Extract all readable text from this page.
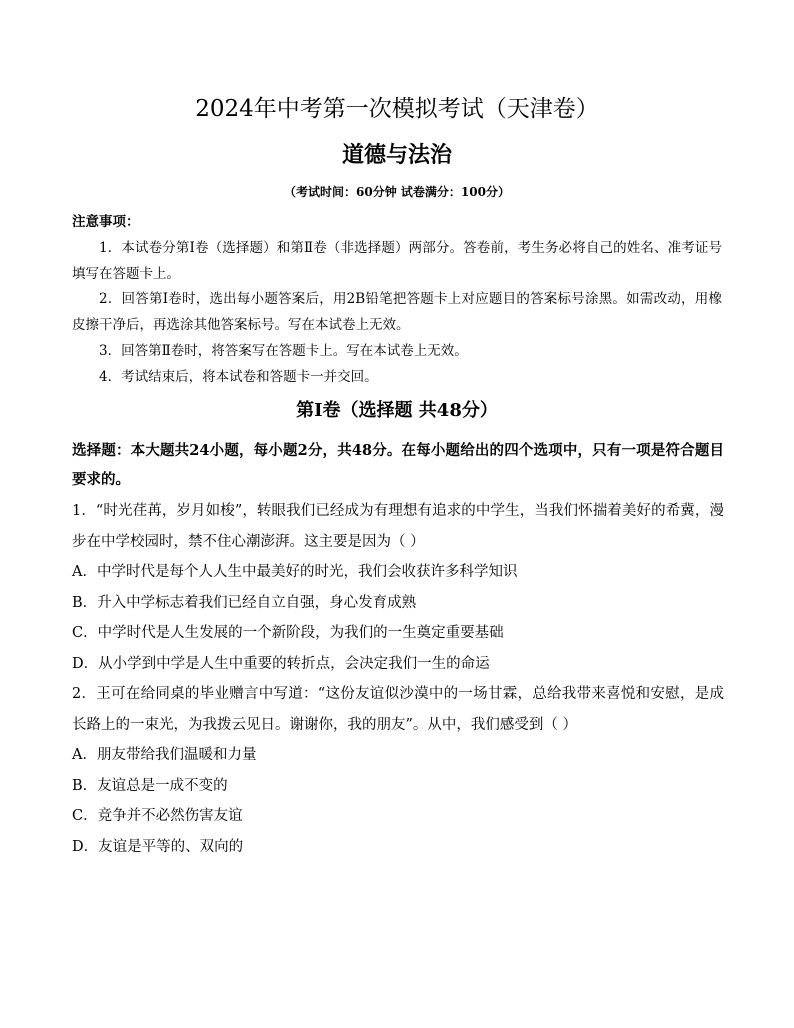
2024年中考第一次模拟考试（天津卷）
道德与法治
（考试时间：60分钟 试卷满分：100分）
注意事项：

1．本试卷分第Ⅰ卷（选择题）和第Ⅱ卷（非选择题）两部分。答卷前，考生务必将自己的姓名、准考证号填写在答题卡上。

2．回答第Ⅰ卷时，选出每小题答案后，用2B铅笔把答题卡上对应题目的答案标号涂黑。如需改动，用橡皮擦干净后，再选涂其他答案标号。写在本试卷上无效。

3．回答第Ⅱ卷时，将答案写在答题卡上。写在本试卷上无效。

4．考试结束后，将本试卷和答题卡一并交回。

第Ⅰ卷（选择题 共48分）
选择题：本大题共24小题，每小题2分，共48分。在每小题给出的四个选项中，只有一项是符合题目要求的。

1．“时光荏苒，岁月如梭”，转眼我们已经成为有理想有追求的中学生，当我们怀揣着美好的希冀，漫步在中学校园时，禁不住心潮澎湃。这主要是因为（ ）

A．中学时代是每个人人生中最美好的时光，我们会收获许多科学知识

B．升入中学标志着我们已经自立自强，身心发育成熟

C．中学时代是人生发展的一个新阶段，为我们的一生奠定重要基础

D．从小学到中学是人生中重要的转折点，会决定我们一生的命运

2．王可在给同桌的毕业赠言中写道：“这份友谊似沙漠中的一场甘霖，总给我带来喜悦和安慰，是成长路上的一束光，为我拨云见日。谢谢你，我的朋友”。从中，我们感受到（ ）

A．朋友带给我们温暖和力量

B．友谊总是一成不变的

C．竞争并不必然伤害友谊

D．友谊是平等的、双向的
